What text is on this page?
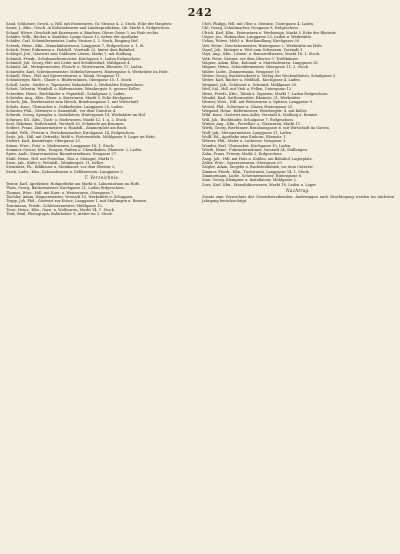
242

Sand, Schlosser, Gesch. u. Hdl. mit Eisenwaren, Gr. Strasse 4, 2. Stock, Ecke der Hauptstr.

Sauer, J., Kfm., Gesch. in Kolonialwaren und Landesprodukten, Ob. Markt 8, Erdgeschoss.

Schaaf, Witwe, Geschäft mit Kurzwaren u. Bändern, Obere Gasse 3, im Hofe rechts.

Schäfer, Wilh., Bäcker u. Konditor, Lange Gasse 12, neben der Apotheke.

Schäfer, Carl, Schneidermeister, Ludw. Strasse 5, 2. Stock, Eingang Hof.

Schenk, Heinr., Kfm., Manufakturwaren, Langgasse 7, Erdgeschoss u. 1. St.

Schick, Peter, Fuhrmann u. Holzhdl., Vorstadt 22, hinter dem Bahnhof.

Schlegel, Joh., Gastwirt zum Goldenen Löwen, Markt 1, mit Stallung.

Schmidt, Friedr., Schuhmachermeister, Kirchgasse 9, Laden Erdgeschoss.

Schmidt, Joh. Georg, Hdl. mit Leder und Schuhbedarf, Mühlgasse 4.

Schmitt, Ad., Metzgermeister, Fleisch- u. Wurstwaren, Rheinstr. 17, Laden.

Schneider, Karl, Schreinermeister, Möbelschreinerei, Hintergasse 6, Werkstätte im Hofe.

Schnell, Wwe., Hdl. mit Spezereiwaren u. Tabak, Neugasse 11.

Schönberger, Mich., Glaser u. Bilderrahmen, Obergasse 15, 1. Stock.

Scholl, Ludw., Sattler u. Tapezierer, Bahnhofstr. 3, Werkstätte Erdgeschoss.

Schott, Valentin, Weinhdl. u. Küfermeister, Weinbergstr. 8, grosser Keller.

Schreiber, Heinr., Buchbinder u. Papierhdl., Schulgasse 2, Laden.

Schröder, Aug., Kfm., Eisen- u. Kurzwaren, Markt 5, Ecke Kirchgasse.

Schuch, Jak., Bierbrauerei zum Hirsch, Brauhausgasse 1, mit Wirtschaft.

Schulz, Konr., Uhrmacher u. Goldarbeiter, Langgasse 20, Laden.

Schuster, Phil., Gärtnerei u. Samenhdl., vor dem Untertor 4.

Schwab, Georg, Spengler u. Installateur, Hintergasse 18, Werkstätte im Hof.

Schwarz, Ed., Kfm., Tuch- u. Modewaren, Markt 12, 1. u. 2. Stock.

Seel, Nikolaus, Hufschmied, Vorstadt 30, Schmiede am Brunnen.

Seibert, Franz, Zimmermeister u. Holzhdl., Zimmerplatz am Bach.

Seidel, Wilh., Friseur u. Perückenmacher, Kirchgasse 14, Erdgeschoss.

Seitz, Joh., Hdl. mit Getreide, Mehl u. Futtermitteln, Mühlgasse 9, Lager im Hofe.

Siebert, Karl, Kaminfeger, Obergasse 23.

Simon, Wwe., Putz- u. Modewaren, Langgasse 16, 1. Stock.

Sommer, Gustav, Kfm., Drogen, Farben u. Chemikalien, Rheinstr. 2, Laden.

Spies, Andr., Maurermeister, Bauunternehmer, Neugasse 27.

Stahl, Heinr., Hdl. mit Porzellan, Glas u. Steingut, Markt 9.

Stein, Jak., Küfer u. Weinhdl., Weinbergstr. 11, Keller.

Steinmetz, Ph., Bildhauer u. Steinhauer, vor dem Obertor 2.

Stork, Ludw., Kfm., Kolonialwaren u. Delikatessen, Langgasse 3.

T. Verzeichnis.

Textor, Karl, Apotheker, Hofapotheke am Markt 6, Laboratorium im Hofe.

Theis, Georg, Bäckermeister, Kirchgasse 21, Laden Erdgeschoss.

Thomas, Wwe., Hdl. mit Kurz- u. Weisswaren, Obergasse 7.

Tischler, Adam, Wagnermeister, Vorstadt 15, Werkstätte u. Schuppen.

Trapp, Joh. Phil., Gastwirt zur Krone, Langgasse 1, mit Stallungen u. Remise.

Trautmann, Friedr., Schlossermeister, Mühlgasse 13.

Trost, Heinr., Kfm., Garn- u. Wollwaren, Markt 14, 1. Stock.

Türk, Emil, Photograph, Bahnhofstr. 9, Atelier im 3. Stock.

Ubel, Philipp, Hdl. mit Obst u. Gemüse, Untergasse 4, Laden.

Uhl, Georg, Schuhmacher, Neugasse 8, Erdgeschoss.

Ulrich, Karl, Kfm., Eisenwaren u. Werkzeuge, Markt 3, Ecke der Rheinstr.

Unger, Jos., Hutmacher, Langgasse 25, Laden u. Werkstätte.

Urban, Witwe, Mehl- u. Brothandlung, Kirchgasse 30.

Veit, Heinr., Drechslermeister, Hintergasse 2, Werkstätte im Hofe.

Vogel, Joh., Metzger u. Wirt zum Schwanen, Vorstadt 1.

Vogt, Aug., Kfm., Leinen- u. Baumwollwaren, Markt 16, 1. Stock.

Volk, Peter, Gärtner, vor dem Obertor 9, Treibhäuser.

Wagner, Adam, Kfm., Kolonial- u. Materialwaren, Langgasse 28.

Wagner, Heinr., Schneidermeister, Obergasse 11, 2. Stock.

Walter, Ludw., Zimmermann, Neugasse 19.

Weber, Georg, Buchdruckerei u. Verlag des Wochenblattes, Schulgasse 5.

Weber, Karl, Bäcker u. Mehlhdl., Kirchgasse 4, Laden.

Weigand, Jak., Schlosser u. Schmied, Mühlgasse 20.

Weil, Sal., Hdl. mit Vieh u. Fellen, Untergasse 12.

Weiss, Friedr., Kfm., Tabak u. Zigarren, Markt 7, Laden Erdgeschoss.

Wendel, Karl, Sattlermeister, Rheinstr. 21, Werkstätte.

Werner, Wwe., Hdl. mit Weisswaren u. Spitzen, Langgasse 9.

Wetzel, Phil., Schreiner u. Glaser, Hintergasse 25.

Wiegand, Heinr., Küfermeister, Weinbergstr. 4, mit Keller.

Wild, Konr., Gastwirt zum Adler, Vorstadt 8, Stallung u. Remise.

Will, Joh., Buchbinder, Schulgasse 7, Erdgeschoss.

Winter, Aug., Kfm., Porzellan- u. Glaswaren, Markt 11.

Wirth, Georg, Bierbrauer, Brauhausgasse 6, mit Wirtschaft im Garten.

Wolf, Jak., Metzgermeister, Langgasse 31, Laden.

Wolff, Ed., Apotheke zum Einhorn, Rheinstr. 1.

Wörner, Phil., Maler u. Lackierer, Neugasse 3.

Wunder, Karl, Uhrmacher, Kirchgasse 10, Laden.

Würth, Heinr., Fuhrunternehmer, Vorstadt 34, Stallungen.

Zahn, Franz, Friseur, Markt 2, Erdgeschoss.

Zang, Joh., Hdl. mit Holz u. Kohlen, am Bahnhof, Lagerplatz.

Zeller, Wwe., Spezereiwaren, Obergasse 29.

Ziegler, Adam, Ziegelei u. Backsteinfabrik, vor dem Untertor.

Zimmer, Friedr., Kfm., Tuchwaren, Langgasse 14, 1. Stock.

Zimmermann, Ludw., Schreinermeister, Hintergasse 8.

Zinn, Georg, Klempner u. Installateur, Mühlgasse 2.

Zorn, Karl, Kfm., Manufakturwaren, Markt 18, Laden u. Lager.

Nachtrag.

Zusatz zum Verzeichnis der Gewerbetreibenden: Änderungen nach Drucklegung werden im nächsten Jahrgang berücksichtigt.
